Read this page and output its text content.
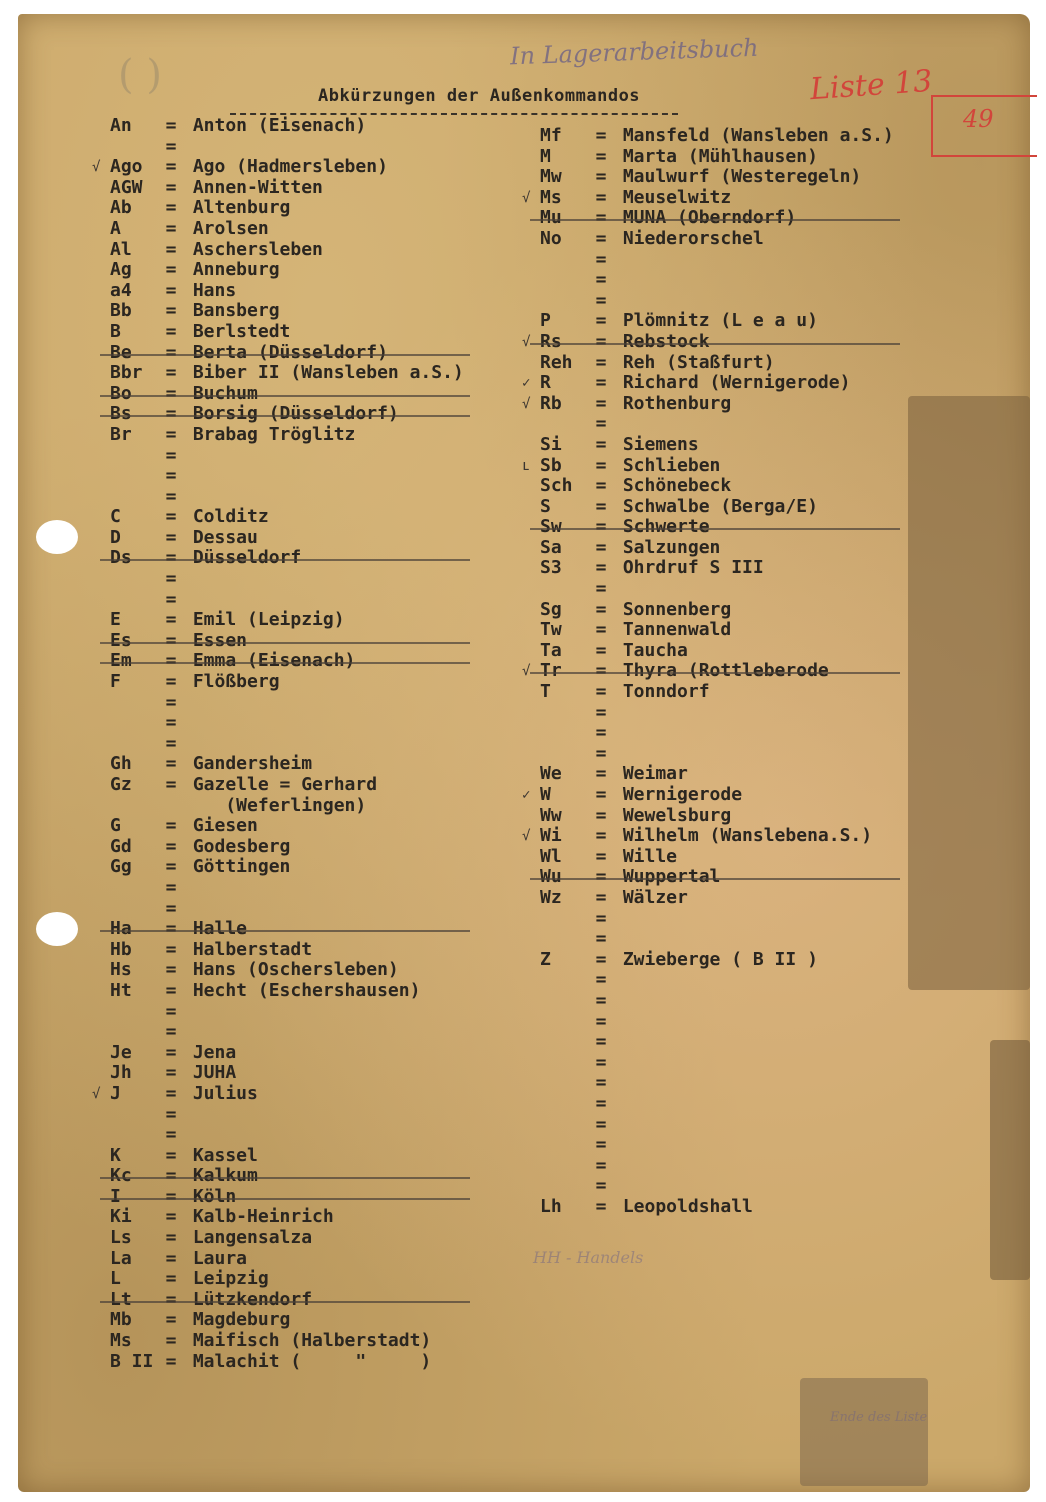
( )	In Lagerarbeitsbuch
Liste 13
49
Abkürzungen der Außenkommandos
An = Anton (Eisenach)
=
√ Ago = Ago (Hadmersleben)
AGW = Annen-Witten
Ab = Altenburg
A = Arolsen
Al = Aschersleben
Ag = Anneburg
a4 = Hans
Bb = Bansberg
B = Berlstedt
Be = Berta (Düsseldorf)
Bbr = Biber II (Wansleben a.S.)
Bo = Buchum
Bs = Borsig (Düsseldorf)
Br = Brabag Tröglitz
=
=
=
C = Colditz
D = Dessau
Ds = Düsseldorf
=
=
E = Emil (Leipzig)
Es = Essen
Em = Emma (Eisenach)
F = Flößberg
=
=
=
Gh = Gandersheim
Gz = Gazelle = Gerhard
(Weferlingen)
G = Giesen
Gd = Godesberg
Gg = Göttingen
=
=
Ha = Halle
Hb = Halberstadt
Hs = Hans (Oschersleben)
Ht = Hecht (Eschershausen)
=
=
Je = Jena
Jh = JUHA
√ J = Julius
=
=
K = Kassel
Kc = Kalkum
I = Köln
Ki = Kalb-Heinrich
Ls = Langensalza
La = Laura
L = Leipzig
Lt = Lützkendorf
Mb = Magdeburg
Ms = Maifisch (Halberstadt)
B II = Malachit (     "     )
Mf = Mansfeld (Wansleben a.S.)
M = Marta (Mühlhausen)
Mw = Maulwurf (Westeregeln)
√ Ms = Meuselwitz
Mu = MUNA (Oberndorf)
No = Niederorschel
=
=
=
P = Plömnitz (L e a u)
√ Rs = Rebstock
Reh = Reh (Staßfurt)
✓ R = Richard (Wernigerode)
√ Rb = Rothenburg
=
Si = Siemens
ʟ Sb = Schlieben
Sch = Schönebeck
S = Schwalbe (Berga/E)
Sw = Schwerte
Sa = Salzungen
S3 = Ohrdruf S III
=
Sg = Sonnenberg
Tw = Tannenwald
Ta = Taucha
√ Tr = Thyra (Rottleberode
T = Tonndorf
=
=
=
We = Weimar
✓ W = Wernigerode
Ww = Wewelsburg
√ Wi = Wilhelm (Wanslebena.S.)
Wl = Wille
Wu = Wuppertal
Wz = Wälzer
=
=
Z = Zwieberge ( B II )
=
=
=
=
=
=
=
=
=
=
=
Lh = Leopoldshall
HH - Handels
Ende des Liste
